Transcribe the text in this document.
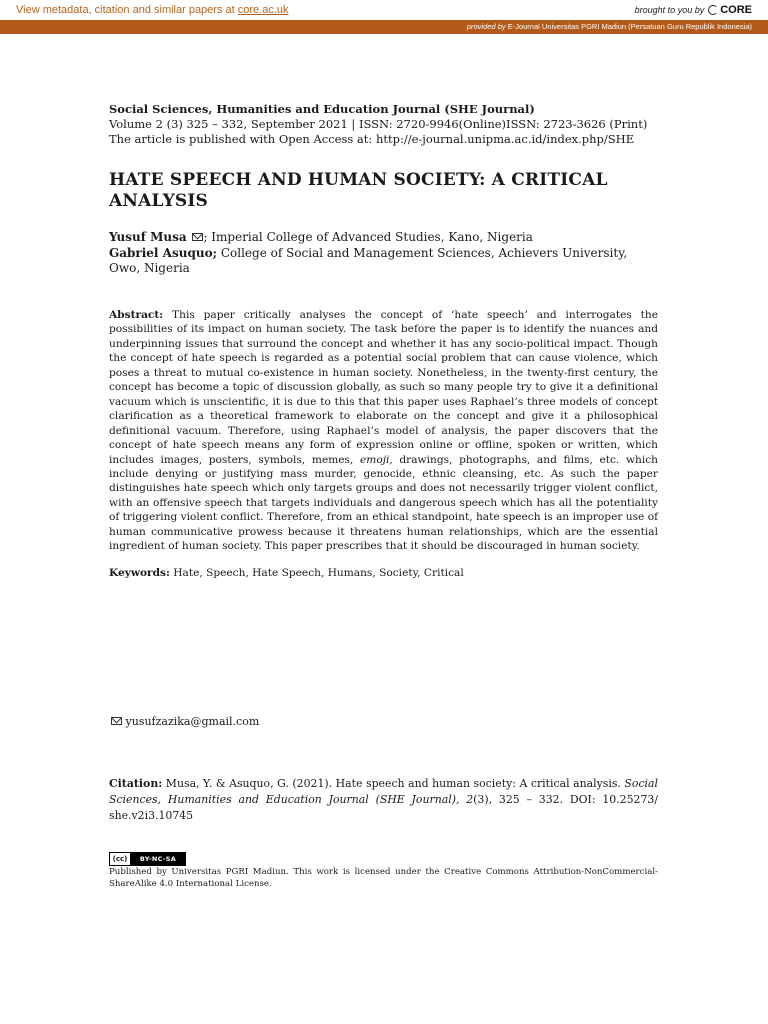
View metadata, citation and similar papers at core.ac.uk	brought to you by CORE
provided by E-Journal Universitas PGRI Madiun (Persatuan Guru Republik Indonesia)
Social Sciences, Humanities and Education Journal (SHE Journal)
Volume 2 (3) 325 – 332, September 2021 | ISSN: 2720-9946(Online)ISSN: 2723-3626 (Print)
The article is published with Open Access at: http://e-journal.unipma.ac.id/index.php/SHE
HATE SPEECH AND HUMAN SOCIETY: A CRITICAL
ANALYSIS
Yusuf Musa ; Imperial College of Advanced Studies, Kano, Nigeria
Gabriel Asuquo; College of Social and Management Sciences, Achievers University, Owo, Nigeria
Abstract: This paper critically analyses the concept of ‘hate speech’ and interrogates the possibilities of its impact on human society. The task before the paper is to identify the nuances and underpinning issues that surround the concept and whether it has any socio-political impact. Though the concept of hate speech is regarded as a potential social problem that can cause violence, which poses a threat to mutual co-existence in human society. Nonetheless, in the twenty-first century, the concept has become a topic of discussion globally, as such so many people try to give it a definitional vacuum which is unscientific, it is due to this that this paper uses Raphael’s three models of concept clarification as a theoretical framework to elaborate on the concept and give it a philosophical definitional vacuum. Therefore, using Raphael’s model of analysis, the paper discovers that the concept of hate speech means any form of expression online or offline, spoken or written, which includes images, posters, symbols, memes, emoji, drawings, photographs, and films, etc. which include denying or justifying mass murder, genocide, ethnic cleansing, etc. As such the paper distinguishes hate speech which only targets groups and does not necessarily trigger violent conflict, with an offensive speech that targets individuals and dangerous speech which has all the potentiality of triggering violent conflict. Therefore, from an ethical standpoint, hate speech is an improper use of human communicative prowess because it threatens human relationships, which are the essential ingredient of human society. This paper prescribes that it should be discouraged in human society.
Keywords: Hate, Speech, Hate Speech, Humans, Society, Critical
yusufzazika@gmail.com
Citation: Musa, Y. & Asuquo, G. (2021). Hate speech and human society: A critical analysis. Social Sciences, Humanities and Education Journal (SHE Journal), 2(3), 325 – 332. DOI: 10.25273/ she.v2i3.10745
(cc)	BY-NC-SA
Published by Universitas PGRI Madiun. This work is licensed under the Creative Commons Attribution-NonCommercial-ShareAlike 4.0 International License.
